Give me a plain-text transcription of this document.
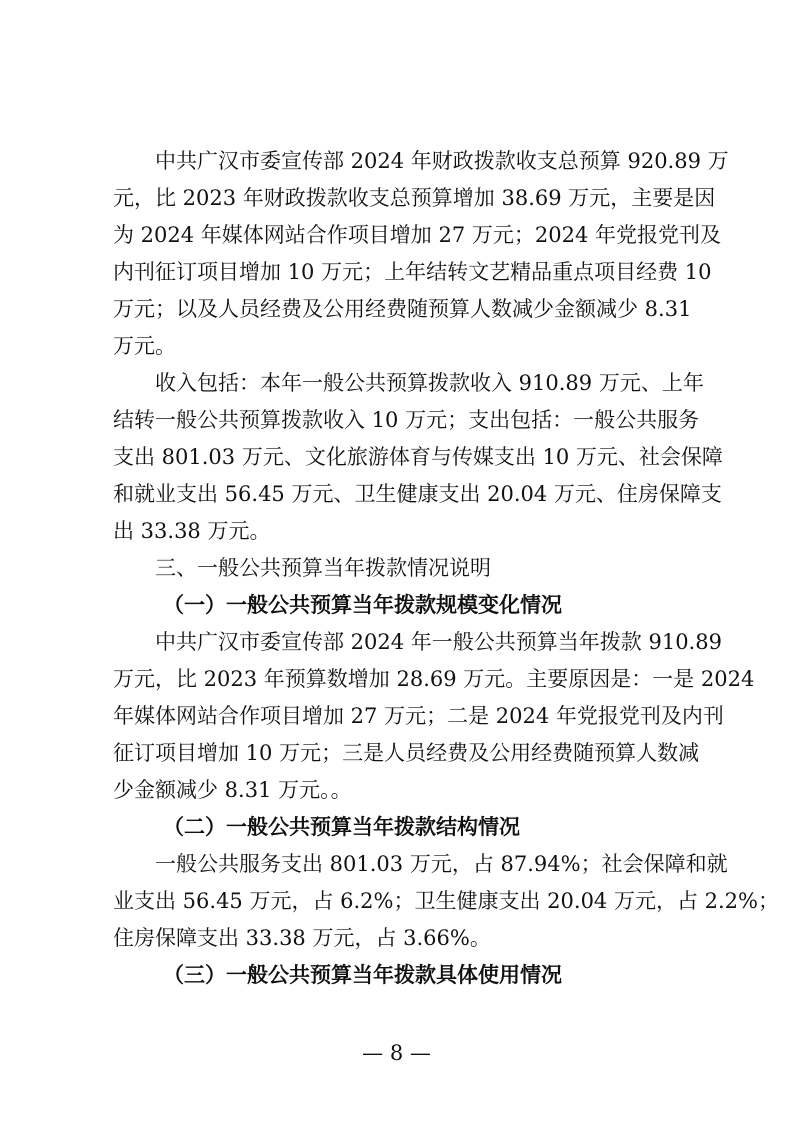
中共广汉市委宣传部 2024 年财政拨款收支总预算 920.89 万
元，比 2023 年财政拨款收支总预算增加 38.69 万元，主要是因
为 2024 年媒体网站合作项目增加 27 万元；2024 年党报党刊及
内刊征订项目增加 10 万元；上年结转文艺精品重点项目经费 10
万元；以及人员经费及公用经费随预算人数减少金额减少 8.31
万元。
收入包括：本年一般公共预算拨款收入 910.89 万元、上年
结转一般公共预算拨款收入 10 万元；支出包括：一般公共服务
支出 801.03 万元、文化旅游体育与传媒支出 10 万元、社会保障
和就业支出 56.45 万元、卫生健康支出 20.04 万元、住房保障支
出 33.38 万元。
三、一般公共预算当年拨款情况说明
（一）一般公共预算当年拨款规模变化情况
中共广汉市委宣传部 2024 年一般公共预算当年拨款 910.89
万元，比 2023 年预算数增加 28.69 万元。主要原因是：一是 2024
年媒体网站合作项目增加 27 万元；二是 2024 年党报党刊及内刊
征订项目增加 10 万元；三是人员经费及公用经费随预算人数减
少金额减少 8.31 万元。。
（二）一般公共预算当年拨款结构情况
一般公共服务支出 801.03 万元，占 87.94%；社会保障和就
业支出 56.45 万元，占 6.2%；卫生健康支出 20.04 万元，占 2.2%；
住房保障支出 33.38 万元，占 3.66%。
（三）一般公共预算当年拨款具体使用情况
— 8 —
